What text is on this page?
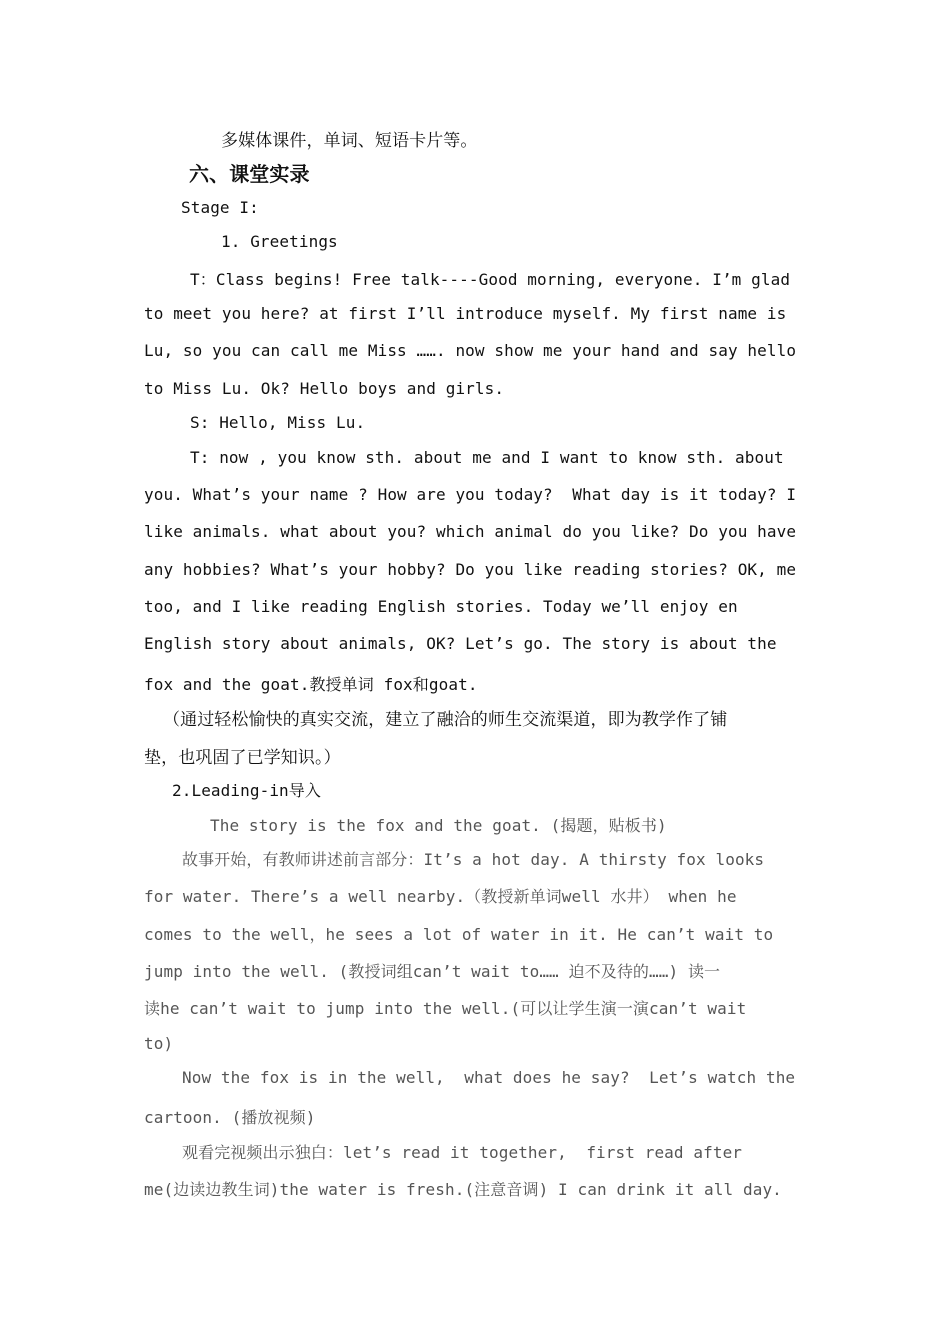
多媒体课件，单词、短语卡片等。
六、课堂实录
Stage I:
1. Greetings
T：Class begins! Free talk----Good morning, everyone. I’m glad
to meet you here? at first I’ll introduce myself. My first name is
Lu, so you can call me Miss ……. now show me your hand and say hello
to Miss Lu. Ok? Hello boys and girls.
S: Hello, Miss Lu.
T: now , you know sth. about me and I want to know sth. about
you. What’s your name ? How are you today?  What day is it today? I
like animals. what about you? which animal do you like? Do you have
any hobbies? What’s your hobby? Do you like reading stories? OK, me
too, and I like reading English stories. Today we’ll enjoy en
English story about animals, OK? Let’s go. The story is about the
fox and the goat.教授单词 fox和goat.
（通过轻松愉快的真实交流，建立了融洽的师生交流渠道，即为教学作了铺
垫，也巩固了已学知识。）
2.Leading-in导入
The story is the fox and the goat. (揭题，贴板书)
故事开始，有教师讲述前言部分：It’s a hot day. A thirsty fox looks
for water. There’s a well nearby.（教授新单词well 水井） when he
comes to the well，he sees a lot of water in it. He can’t wait to
jump into the well. (教授词组can’t wait to…… 迫不及待的……) 读一
读he can’t wait to jump into the well.(可以让学生演一演can’t wait
to)
Now the fox is in the well,  what does he say?  Let’s watch the
cartoon. (播放视频)
观看完视频出示独白：let’s read it together,  first read after
me(边读边教生词)the water is fresh.(注意音调) I can drink it all day.
